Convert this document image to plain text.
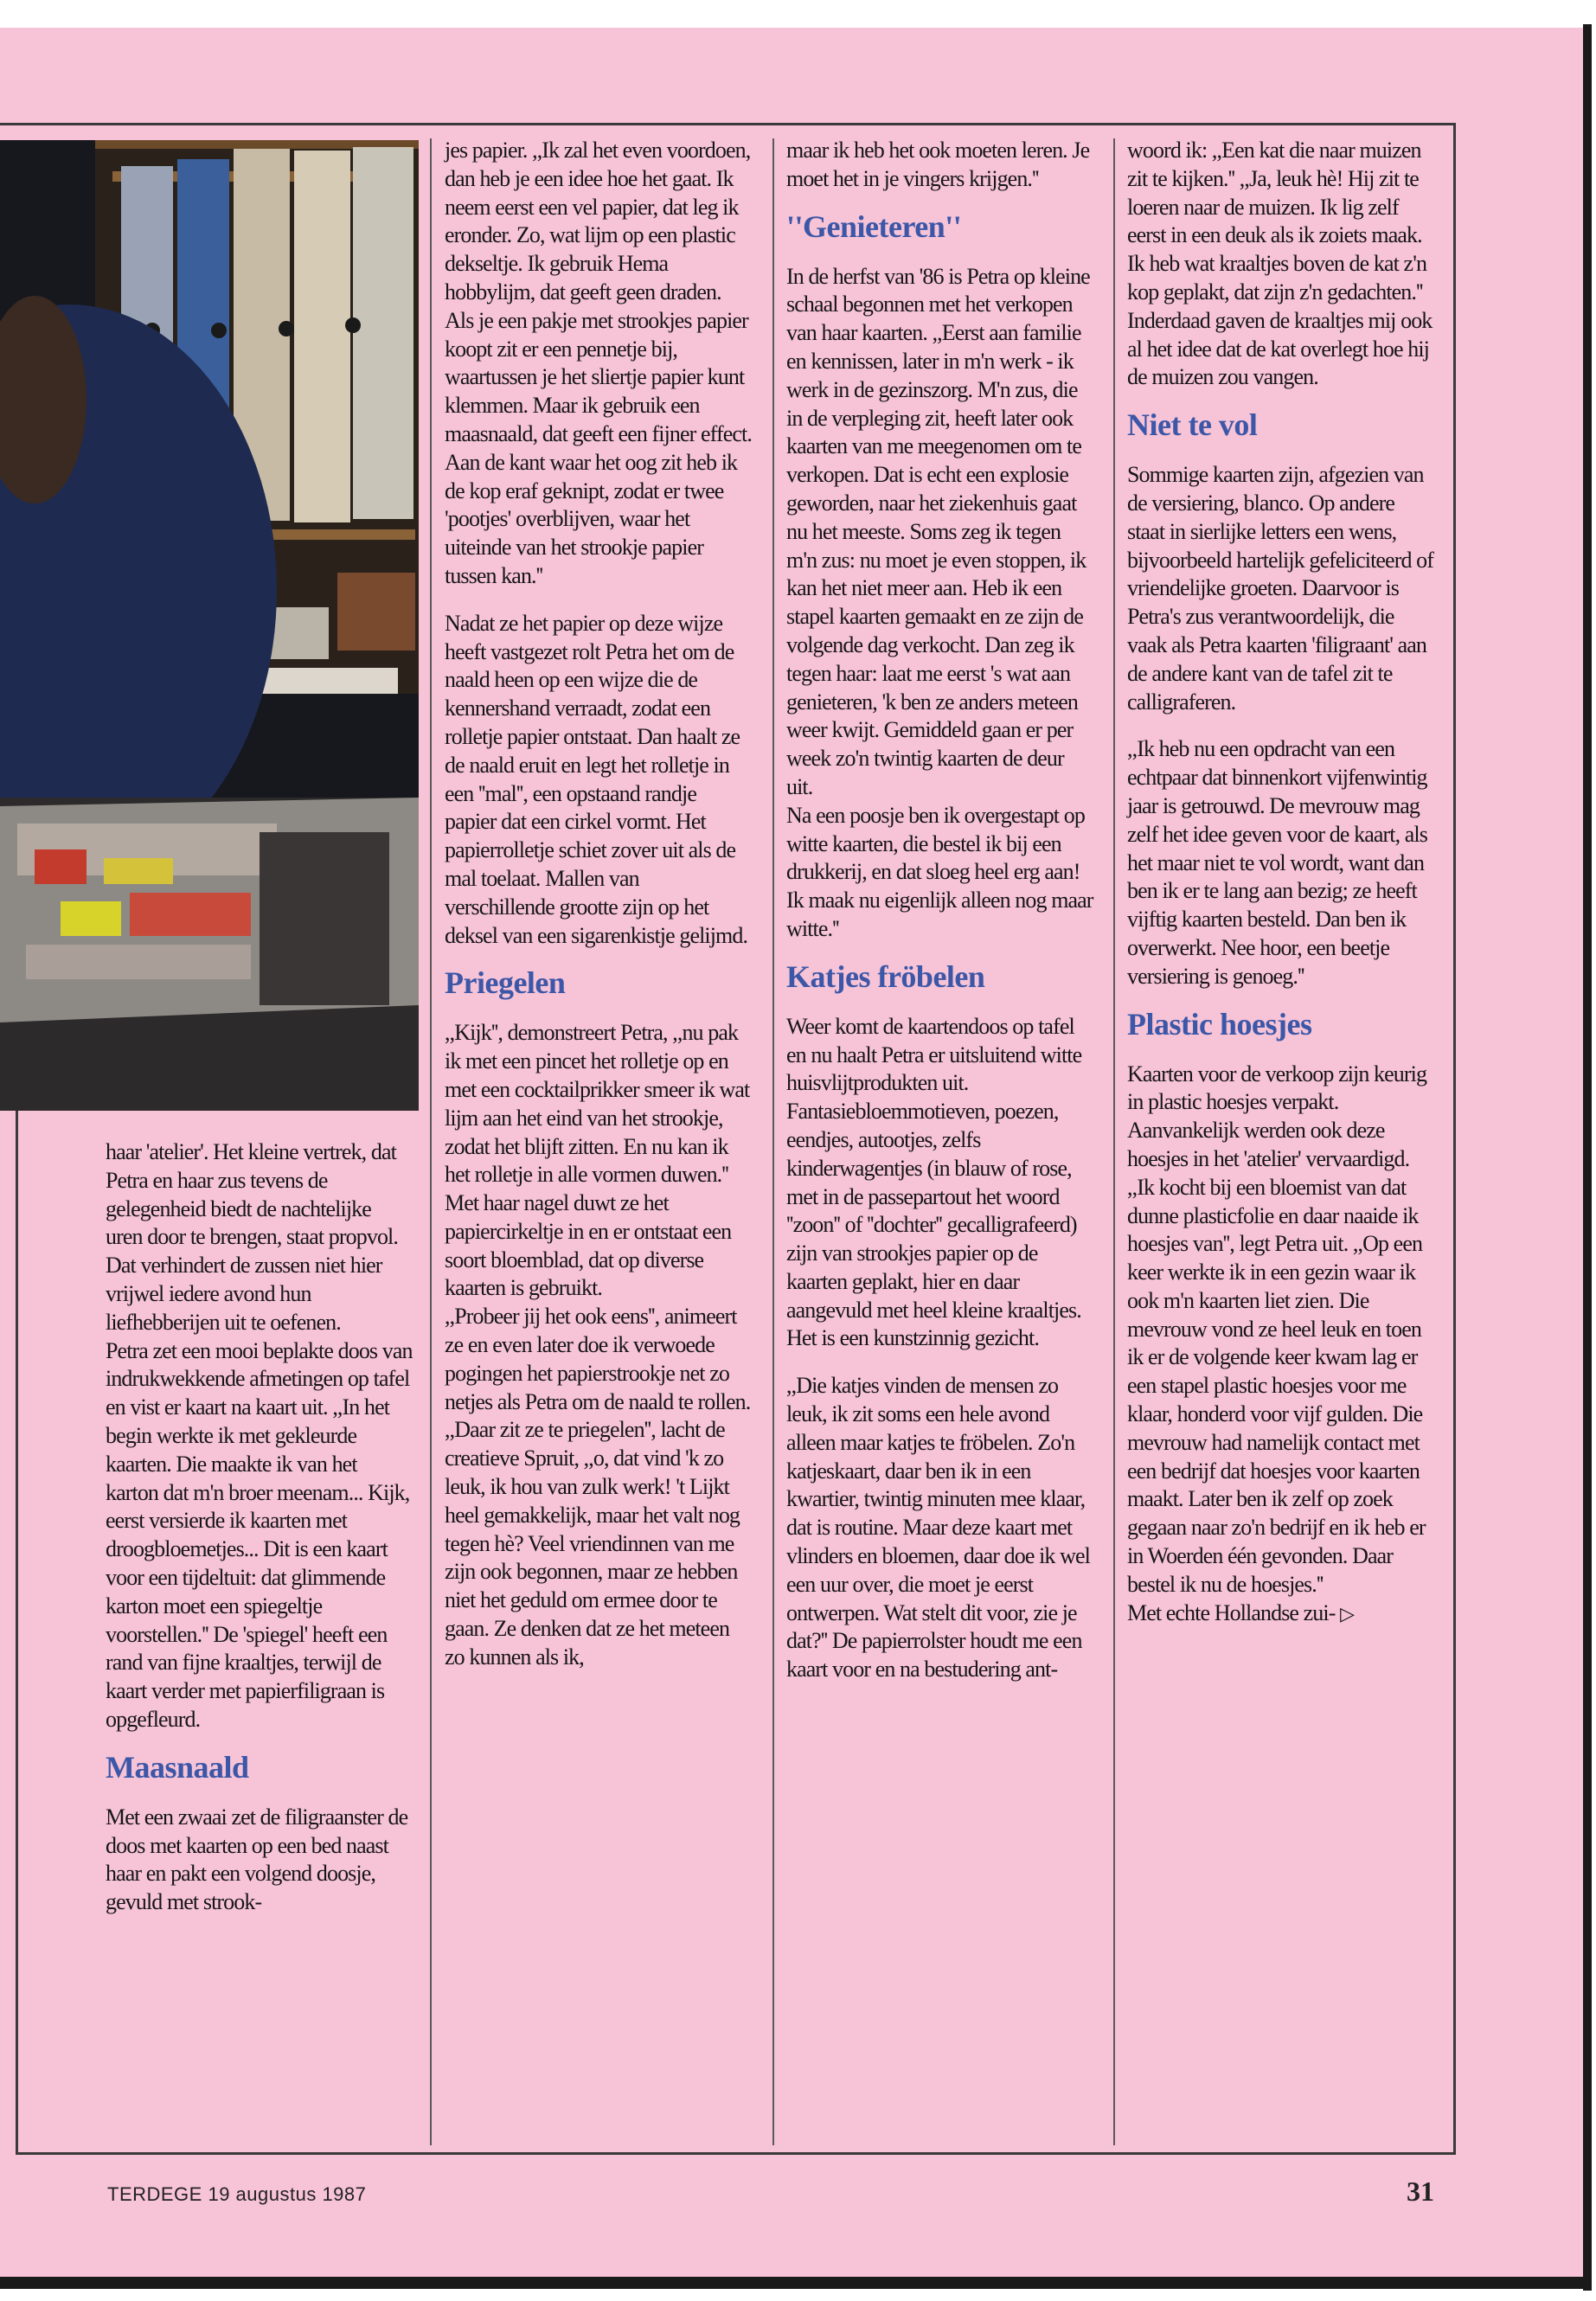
haar 'atelier'. Het kleine vertrek, dat Petra en haar zus tevens de gelegenheid biedt de nachtelijke uren door te brengen, staat propvol. Dat verhindert de zussen niet hier vrijwel iedere avond hun liefhebberijen uit te oefenen.

Petra zet een mooi beplakte doos van indrukwekkende afmetingen op tafel en vist er kaart na kaart uit. ,,In het begin werkte ik met gekleurde kaarten. Die maakte ik van het karton dat m'n broer meenam... Kijk, eerst versierde ik kaarten met droogbloemetjes... Dit is een kaart voor een tijdeltuit: dat glimmende karton moet een spiegeltje voorstellen.'' De 'spiegel' heeft een rand van fijne kraaltjes, terwijl de kaart verder met papierfiligraan is opgefleurd.

Maasnaald

Met een zwaai zet de filigraanster de doos met kaarten op een bed naast haar en pakt een volgend doosje, gevuld met strook-

jes papier. ,,Ik zal het even voordoen, dan heb je een idee hoe het gaat. Ik neem eerst een vel papier, dat leg ik eronder. Zo, wat lijm op een plastic dekseltje. Ik gebruik Hema hobbylijm, dat geeft geen draden. Als je een pakje met strookjes papier koopt zit er een pennetje bij, waartussen je het sliertje papier kunt klemmen. Maar ik gebruik een maasnaald, dat geeft een fijner effect. Aan de kant waar het oog zit heb ik de kop eraf geknipt, zodat er twee 'pootjes' overblijven, waar het uiteinde van het strookje papier tussen kan.''

Nadat ze het papier op deze wijze heeft vastgezet rolt Petra het om de naald heen op een wijze die de kennershand verraadt, zodat een rolletje papier ontstaat. Dan haalt ze de naald eruit en legt het rolletje in een ''mal'', een opstaand randje papier dat een cirkel vormt. Het papierrolletje schiet zover uit als de mal toelaat. Mallen van verschillende grootte zijn op het deksel van een sigarenkistje gelijmd.

Priegelen

,,Kijk'', demonstreert Petra, ,,nu pak ik met een pincet het rolletje op en met een cocktailprikker smeer ik wat lijm aan het eind van het strookje, zodat het blijft zitten. En nu kan ik het rolletje in alle vormen duwen.'' Met haar nagel duwt ze het papiercirkeltje in en er ontstaat een soort bloemblad, dat op diverse kaarten is gebruikt.

,,Probeer jij het ook eens'', animeert ze en even later doe ik verwoede pogingen het papierstrookje net zo netjes als Petra om de naald te rollen. ,,Daar zit ze te priegelen'', lacht de creatieve Spruit, ,,o, dat vind 'k zo leuk, ik hou van zulk werk! 't Lijkt heel gemakkelijk, maar het valt nog tegen hè? Veel vriendinnen van me zijn ook begonnen, maar ze hebben niet het geduld om ermee door te gaan. Ze denken dat ze het meteen zo kunnen als ik,

maar ik heb het ook moeten leren. Je moet het in je vingers krijgen.''

''Genieteren''

In de herfst van '86 is Petra op kleine schaal begonnen met het verkopen van haar kaarten. ,,Eerst aan familie en kennissen, later in m'n werk - ik werk in de gezinszorg. M'n zus, die in de verpleging zit, heeft later ook kaarten van me meegenomen om te verkopen. Dat is echt een explosie geworden, naar het ziekenhuis gaat nu het meeste. Soms zeg ik tegen m'n zus: nu moet je even stoppen, ik kan het niet meer aan. Heb ik een stapel kaarten gemaakt en ze zijn de volgende dag verkocht. Dan zeg ik tegen haar: laat me eerst 's wat aan genieteren, 'k ben ze anders meteen weer kwijt. Gemiddeld gaan er per week zo'n twintig kaarten de deur uit.

Na een poosje ben ik overgestapt op witte kaarten, die bestel ik bij een drukkerij, en dat sloeg heel erg aan! Ik maak nu eigenlijk alleen nog maar witte.''

Katjes fröbelen

Weer komt de kaartendoos op tafel en nu haalt Petra er uitsluitend witte huisvlijtprodukten uit. Fantasiebloemmotieven, poezen, eendjes, autootjes, zelfs kinderwagentjes (in blauw of rose, met in de passepartout het woord ''zoon'' of ''dochter'' gecalligrafeerd) zijn van strookjes papier op de kaarten geplakt, hier en daar aangevuld met heel kleine kraaltjes. Het is een kunstzinnig gezicht.

,,Die katjes vinden de mensen zo leuk, ik zit soms een hele avond alleen maar katjes te fröbelen. Zo'n katjeskaart, daar ben ik in een kwartier, twintig minuten mee klaar, dat is routine. Maar deze kaart met vlinders en bloemen, daar doe ik wel een uur over, die moet je eerst ontwerpen. Wat stelt dit voor, zie je dat?'' De papierrolster houdt me een kaart voor en na bestudering ant-

woord ik: ,,Een kat die naar muizen zit te kijken.'' ,,Ja, leuk hè! Hij zit te loeren naar de muizen. Ik lig zelf eerst in een deuk als ik zoiets maak. Ik heb wat kraaltjes boven de kat z'n kop geplakt, dat zijn z'n gedachten.'' Inderdaad gaven de kraaltjes mij ook al het idee dat de kat overlegt hoe hij de muizen zou vangen.

Niet te vol

Sommige kaarten zijn, afgezien van de versiering, blanco. Op andere staat in sierlijke letters een wens, bijvoorbeeld hartelijk gefeliciteerd of vriendelijke groeten. Daarvoor is Petra's zus verantwoordelijk, die vaak als Petra kaarten 'filigraant' aan de andere kant van de tafel zit te calligraferen.

,,Ik heb nu een opdracht van een echtpaar dat binnenkort vijfenwintig jaar is getrouwd. De mevrouw mag zelf het idee geven voor de kaart, als het maar niet te vol wordt, want dan ben ik er te lang aan bezig; ze heeft vijftig kaarten besteld. Dan ben ik overwerkt. Nee hoor, een beetje versiering is genoeg.''

Plastic hoesjes

Kaarten voor de verkoop zijn keurig in plastic hoesjes verpakt. Aanvankelijk werden ook deze hoesjes in het 'atelier' vervaardigd. ,,Ik kocht bij een bloemist van dat dunne plasticfolie en daar naaide ik hoesjes van'', legt Petra uit. ,,Op een keer werkte ik in een gezin waar ik ook m'n kaarten liet zien. Die mevrouw vond ze heel leuk en toen ik er de volgende keer kwam lag er een stapel plastic hoesjes voor me klaar, honderd voor vijf gulden. Die mevrouw had namelijk contact met een bedrijf dat hoesjes voor kaarten maakt. Later ben ik zelf op zoek gegaan naar zo'n bedrijf en ik heb er in Woerden één gevonden. Daar bestel ik nu de hoesjes.''

Met echte Hollandse zui- ▷

TERDEGE 19 augustus 1987	31
